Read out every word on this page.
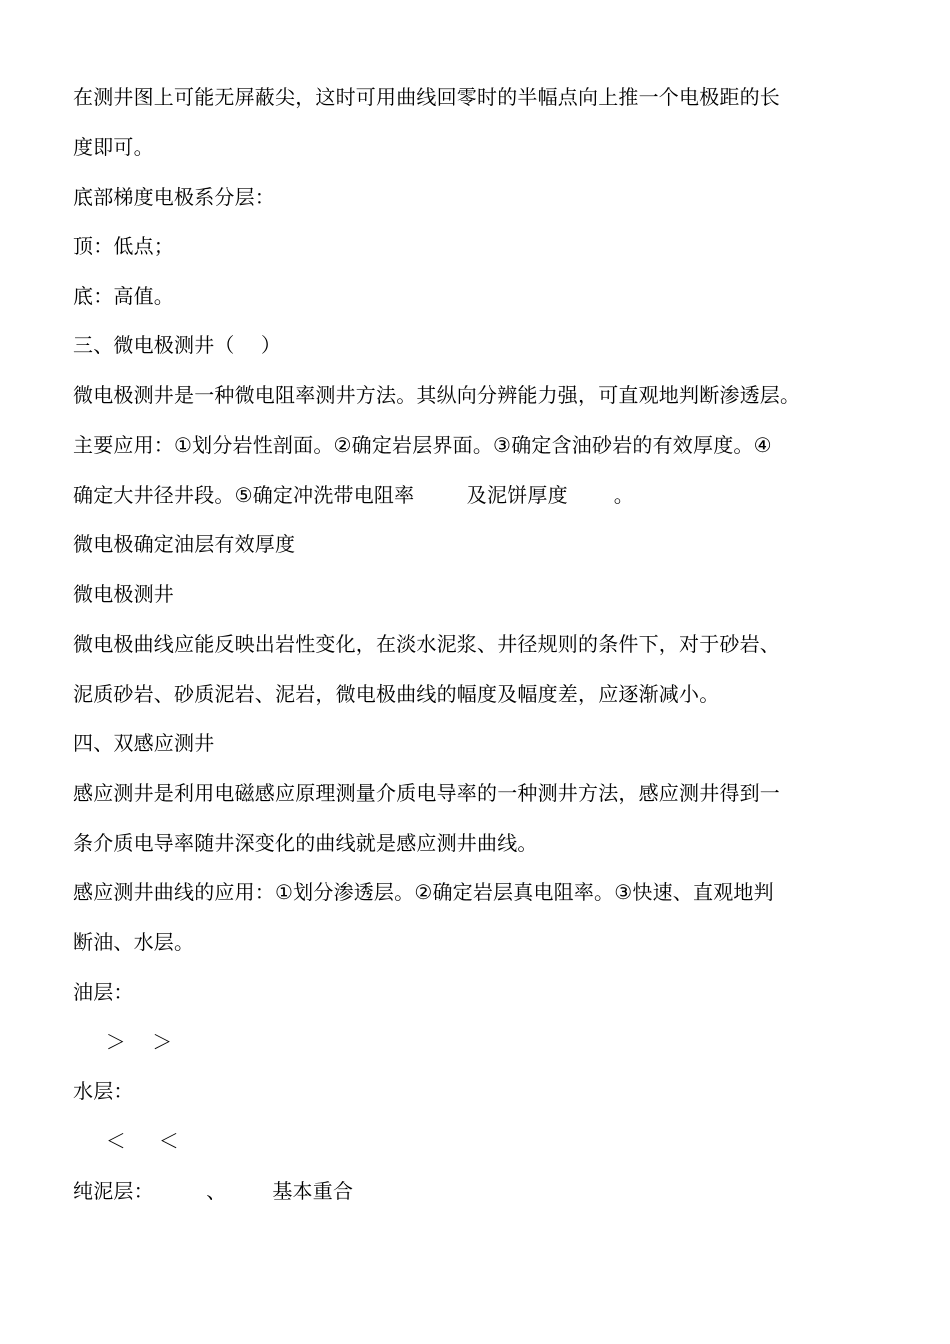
在测井图上可能无屏蔽尖，这时可用曲线回零时的半幅点向上推一个电极距的长
度即可。
底部梯度电极系分层：
顶：低点；
底：高值。
三、微电极测井（    ）
微电极测井是一种微电阻率测井方法。其纵向分辨能力强，可直观地判断渗透层。
主要应用：①划分岩性剖面。②确定岩层界面。③确定含油砂岩的有效厚度。④
确定大井径井段。⑤确定冲洗带电阻率        及泥饼厚度       。
微电极确定油层有效厚度
微电极测井
微电极曲线应能反映出岩性变化，在淡水泥浆、井径规则的条件下，对于砂岩、
泥质砂岩、砂质泥岩、泥岩，微电极曲线的幅度及幅度差，应逐渐减小。
四、双感应测井
感应测井是利用电磁感应原理测量介质电导率的一种测井方法，感应测井得到一
条介质电导率随井深变化的曲线就是感应测井曲线。
感应测井曲线的应用：①划分渗透层。②确定岩层真电阻率。③快速、直观地判
断油、水层。
油层：
＞    ＞
水层：
＜     ＜
纯泥层：        、       基本重合
